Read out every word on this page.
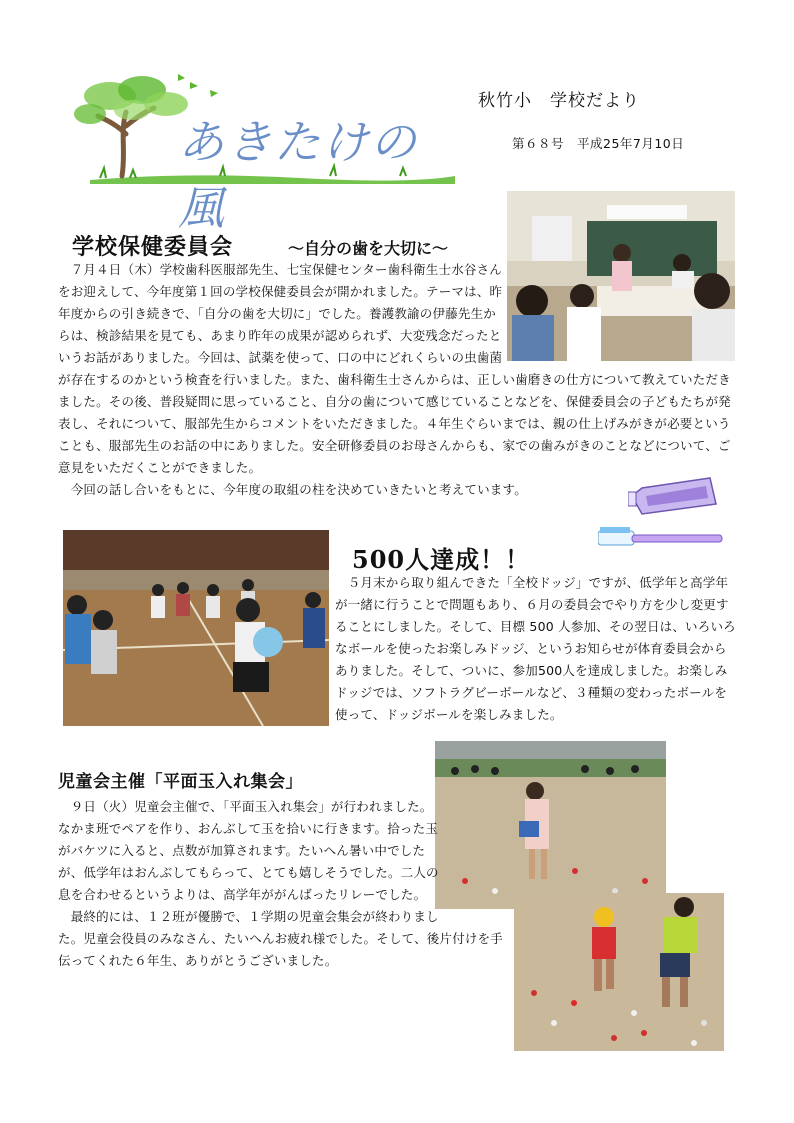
あきたけの風
秋竹小　学校だより
第６８号　平成25年7月10日
学校保健委員会	～自分の歯を大切に～

　７月４日（木）学校歯科医服部先生、七宝保健センター歯科衛生士水谷さんをお迎えして、今年度第１回の学校保健委員会が開かれました。テーマは、昨年度からの引き続きで、「自分の歯を大切に」でした。養護教諭の伊藤先生からは、検診結果を見ても、あまり昨年の成果が認められず、大変残念だったというお話がありました。今回は、試薬を使って、口の中にどれくらいの虫歯菌が存在するのかという検査を行いました。また、歯科衛生士さんからは、正しい歯磨きの仕方について教えていただきました。その後、普段疑問に思っていること、自分の歯について感じていることなどを、保健委員会の子どもたちが発表し、それについて、服部先生からコメントをいただきました。４年生ぐらいまでは、親の仕上げみがきが必要ということも、服部先生のお話の中にありました。安全研修委員のお母さんからも、家での歯みがきのことなどについて、ご意見をいただくことができました。

　今回の話し合いをもとに、今年度の取組の柱を決めていきたいと考えています。

500人達成！！

　５月末から取り組んできた「全校ドッジ」ですが、低学年と高学年が一緒に行うことで問題もあり、６月の委員会でやり方を少し変更することにしました。そして、目標 500 人参加、その翌日は、いろいろなボールを使ったお楽しみドッジ、というお知らせが体育委員会からありました。そして、ついに、参加500人を達成しました。お楽しみドッジでは、ソフトラグビーボールなど、３種類の変わったボールを使って、ドッジボールを楽しみました。

児童会主催「平面玉入れ集会」

　９日（火）児童会主催で、「平面玉入れ集会」が行われました。なかま班でペアを作り、おんぶして玉を拾いに行きます。拾った玉がバケツに入ると、点数が加算されます。たいへん暑い中でしたが、低学年はおんぶしてもらって、とても嬉しそうでした。二人の息を合わせるというよりは、高学年ががんばったリレーでした。

　最終的には、１２班が優勝で、１学期の児童会集会が終わりました。児童会役員のみなさん、たいへんお疲れ様でした。そして、後片付けを手伝ってくれた６年生、ありがとうございました。
